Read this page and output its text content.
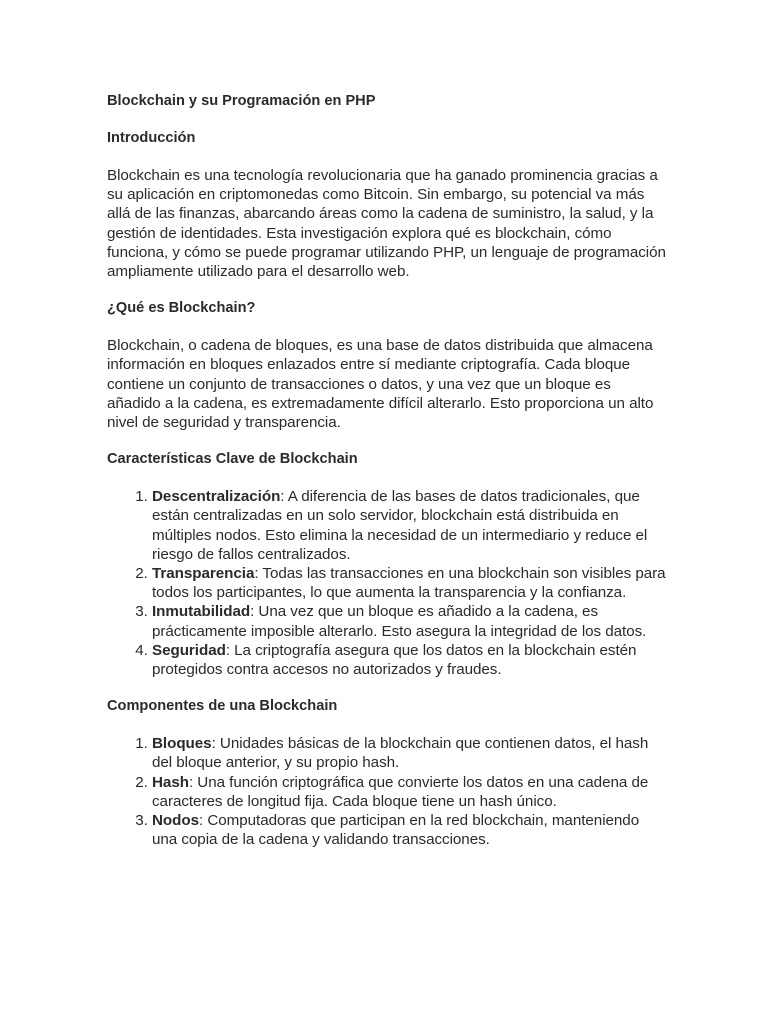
Blockchain y su Programación en PHP

Introducción

Blockchain es una tecnología revolucionaria que ha ganado prominencia gracias a su aplicación en criptomonedas como Bitcoin. Sin embargo, su potencial va más allá de las finanzas, abarcando áreas como la cadena de suministro, la salud, y la gestión de identidades. Esta investigación explora qué es blockchain, cómo funciona, y cómo se puede programar utilizando PHP, un lenguaje de programación ampliamente utilizado para el desarrollo web.

¿Qué es Blockchain?

Blockchain, o cadena de bloques, es una base de datos distribuida que almacena información en bloques enlazados entre sí mediante criptografía. Cada bloque contiene un conjunto de transacciones o datos, y una vez que un bloque es añadido a la cadena, es extremadamente difícil alterarlo. Esto proporciona un alto nivel de seguridad y transparencia.

Características Clave de Blockchain

1. Descentralización: A diferencia de las bases de datos tradicionales, que están centralizadas en un solo servidor, blockchain está distribuida en múltiples nodos. Esto elimina la necesidad de un intermediario y reduce el riesgo de fallos centralizados.
2. Transparencia: Todas las transacciones en una blockchain son visibles para todos los participantes, lo que aumenta la transparencia y la confianza.
3. Inmutabilidad: Una vez que un bloque es añadido a la cadena, es prácticamente imposible alterarlo. Esto asegura la integridad de los datos.
4. Seguridad: La criptografía asegura que los datos en la blockchain estén protegidos contra accesos no autorizados y fraudes.

Componentes de una Blockchain

1. Bloques: Unidades básicas de la blockchain que contienen datos, el hash del bloque anterior, y su propio hash.
2. Hash: Una función criptográfica que convierte los datos en una cadena de caracteres de longitud fija. Cada bloque tiene un hash único.
3. Nodos: Computadoras que participan en la red blockchain, manteniendo una copia de la cadena y validando transacciones.
